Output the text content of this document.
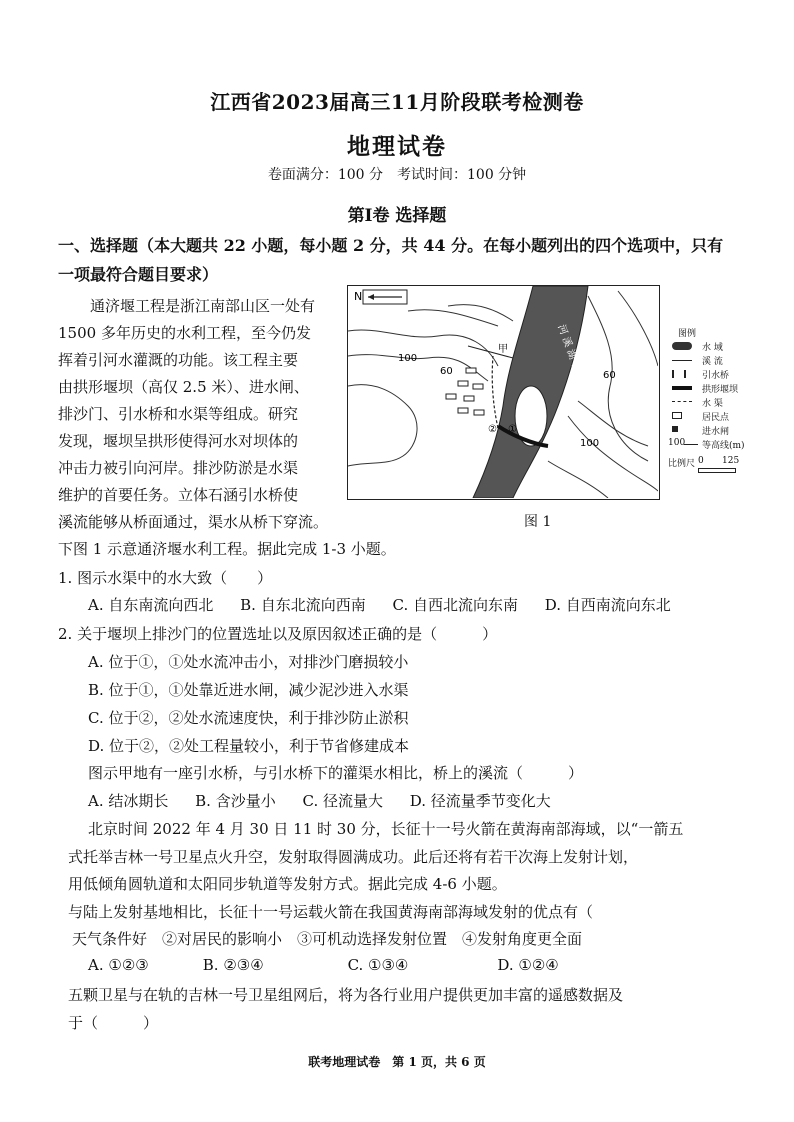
江西省2023届高三11月阶段联考检测卷
地理试卷
卷面满分：100 分　考试时间：100 分钟
第Ⅰ卷 选择题
一、选择题（本大题共 22 小题，每小题 2 分，共 44 分。在每小题列出的四个选项中，只有
一项最符合题目要求）
通济堰工程是浙江南部山区一处有
1500 多年历史的水利工程，至今仍发
挥着引河水灌溉的功能。该工程主要
由拱形堰坝（高仅 2.5 米）、进水闸、
排沙门、引水桥和水渠等组成。研究
发现，堰坝呈拱形使得河水对坝体的
冲击力被引向河岸。排沙防淤是水渠
维护的首要任务。立体石涵引水桥使
溪流能够从桥面通过，渠水从桥下穿流。
下图 1 示意通济堰水利工程。据此完成 1-3 小题。
N
100
60	60
100
甲
①
②
河 溪 湖 松	图例
水 域
溪 流
引水桥
拱形堰坝
水 渠
居民点
进水闸
100 等高线(m)
比例尺 0 125
图 1
1. 图示水渠中的水大致（　　）
A. 自东南流向西北 B. 自东北流向西南 C. 自西北流向东南 D. 自西南流向东北
2. 关于堰坝上排沙门的位置选址以及原因叙述正确的是（　　　）
A. 位于①，①处水流冲击小，对排沙门磨损较小
B. 位于①，①处靠近进水闸，减少泥沙进入水渠
C. 位于②，②处水流速度快，利于排沙防止淤积
D. 位于②，②处工程量较小，利于节省修建成本
图示甲地有一座引水桥，与引水桥下的灌渠水相比，桥上的溪流（　　　）
A. 结冰期长 B. 含沙量小 C. 径流量大 D. 径流量季节变化大
北京时间 2022 年 4 月 30 日 11 时 30 分，长征十一号火箭在黄海南部海域，以“一箭五
式托举吉林一号卫星点火升空，发射取得圆满成功。此后还将有若干次海上发射计划，
用低倾角圆轨道和太阳同步轨道等发射方式。据此完成 4-6 小题。
与陆上发射基地相比，长征十一号运载火箭在我国黄海南部海域发射的优点有（
天气条件好　②对居民的影响小　③可机动选择发射位置　④发射角度更全面
A. ①②③	B. ②③④	C. ①③④	D. ①②④
五颗卫星与在轨的吉林一号卫星组网后，将为各行业用户提供更加丰富的遥感数据及
于（　　　）
联考地理试卷　第 1 页，共 6 页
